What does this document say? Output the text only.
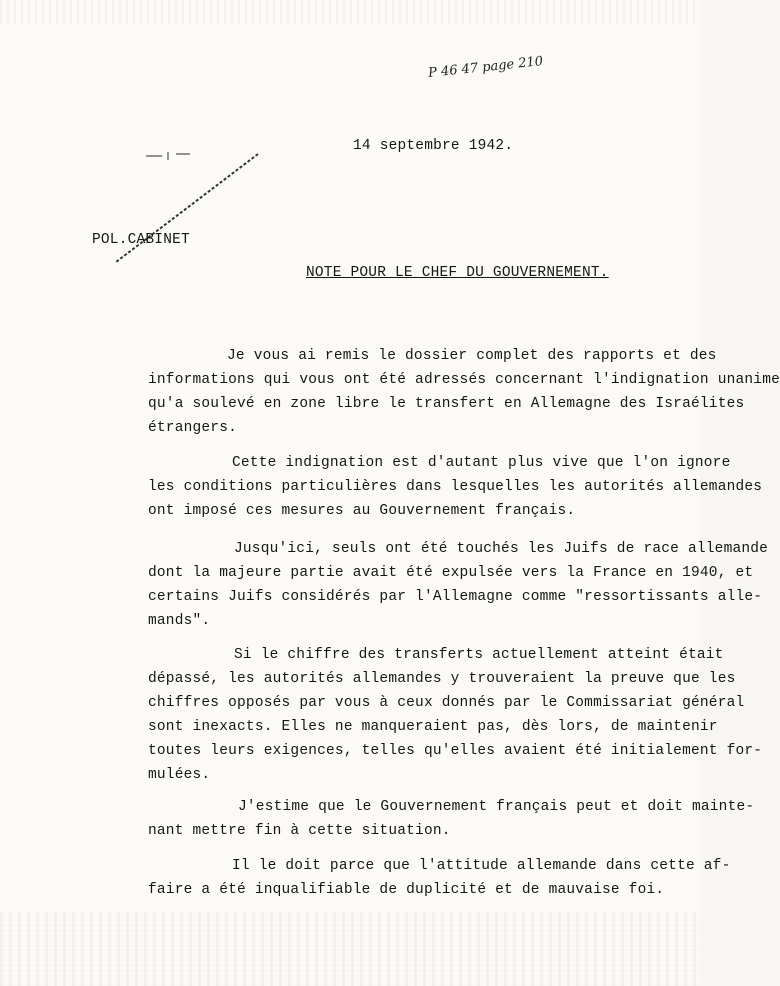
P 46 47 page 210
14 septembre 1942.
POL.CABINET
NOTE POUR LE CHEF DU GOUVERNEMENT.
Je vous ai remis le dossier complet des rapports et des
informations qui vous ont été adressés concernant l'indignation unanime
qu'a soulevé en zone libre le transfert en Allemagne des Israélites
étrangers.
Cette indignation est d'autant plus vive que l'on ignore
les conditions particulières dans lesquelles les autorités allemandes
ont imposé ces mesures au Gouvernement français.
Jusqu'ici, seuls ont été touchés les Juifs de race allemande
dont la majeure partie avait été expulsée vers la France en 1940, et
certains Juifs considérés par l'Allemagne comme "ressortissants alle-
mands".
Si le chiffre des transferts actuellement atteint était
dépassé, les autorités allemandes y trouveraient la preuve que les
chiffres opposés par vous à ceux donnés par le Commissariat général
sont inexacts. Elles ne manqueraient pas, dès lors, de maintenir
toutes leurs exigences, telles qu'elles avaient été initialement for-
mulées.
J'estime que le Gouvernement français peut et doit mainte-
nant mettre fin à cette situation.
Il le doit parce que l'attitude allemande dans cette af-
faire a été inqualifiable de duplicité et de mauvaise foi.
